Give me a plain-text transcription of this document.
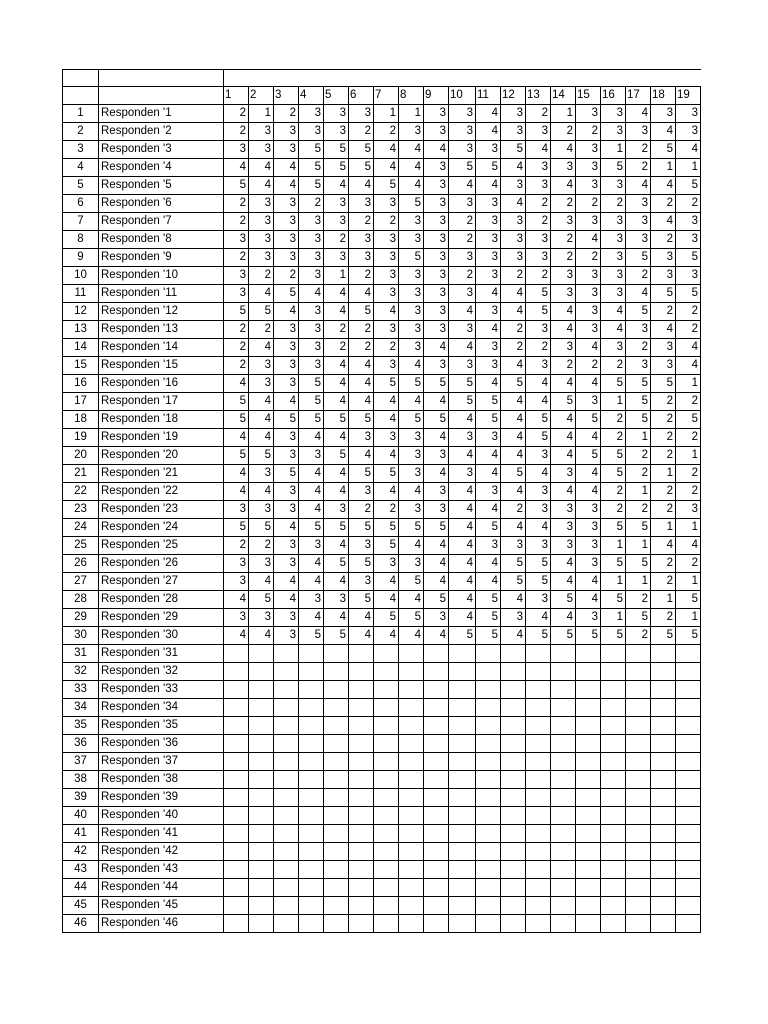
		1	2	3	4	5	6	7	8	9	10	11	12	13	14	15	16	17	18	19
1	Responden '1	2	1	2	3	3	3	1	1	3	3	4	3	2	1	3	3	4	3	3
2	Responden '2	2	3	3	3	3	2	2	3	3	3	4	3	3	2	2	3	3	4	3
3	Responden '3	3	3	3	5	5	5	4	4	4	3	3	5	4	4	3	1	2	5	4
4	Responden '4	4	4	4	5	5	5	4	4	3	5	5	4	3	3	3	5	2	1	1
5	Responden '5	5	4	4	5	4	4	5	4	3	4	4	3	3	4	3	3	4	4	5
6	Responden '6	2	3	3	2	3	3	3	5	3	3	3	4	2	2	2	2	3	2	2
7	Responden '7	2	3	3	3	3	2	2	3	3	2	3	3	2	3	3	3	3	4	3
8	Responden '8	3	3	3	3	2	3	3	3	3	2	3	3	3	2	4	3	3	2	3
9	Responden '9	2	3	3	3	3	3	3	5	3	3	3	3	3	2	2	3	5	3	5
10	Responden '10	3	2	2	3	1	2	3	3	3	2	3	2	2	3	3	3	2	3	3
11	Responden '11	3	4	5	4	4	4	3	3	3	3	4	4	5	3	3	3	4	5	5
12	Responden '12	5	5	4	3	4	5	4	3	3	4	3	4	5	4	3	4	5	2	2
13	Responden '13	2	2	3	3	2	2	3	3	3	3	4	2	3	4	3	4	3	4	2
14	Responden '14	2	4	3	3	2	2	2	3	4	4	3	2	2	3	4	3	2	3	4
15	Responden '15	2	3	3	3	4	4	3	4	3	3	3	4	3	2	2	2	3	3	4
16	Responden '16	4	3	3	5	4	4	5	5	5	5	4	5	4	4	4	5	5	5	1
17	Responden '17	5	4	4	5	4	4	4	4	4	5	5	4	4	5	3	1	5	2	2
18	Responden '18	5	4	5	5	5	5	4	5	5	4	5	4	5	4	5	2	5	2	5
19	Responden '19	4	4	3	4	4	3	3	3	4	3	3	4	5	4	4	2	1	2	2
20	Responden '20	5	5	3	3	5	4	4	3	3	4	4	4	3	4	5	5	2	2	1
21	Responden '21	4	3	5	4	4	5	5	3	4	3	4	5	4	3	4	5	2	1	2
22	Responden '22	4	4	3	4	4	3	4	4	3	4	3	4	3	4	4	2	1	2	2
23	Responden '23	3	3	3	4	3	2	2	3	3	4	4	2	3	3	3	2	2	2	3
24	Responden '24	5	5	4	5	5	5	5	5	5	4	5	4	4	3	3	5	5	1	1
25	Responden '25	2	2	3	3	4	3	5	4	4	4	3	3	3	3	3	1	1	4	4
26	Responden '26	3	3	3	4	5	5	3	3	4	4	4	5	5	4	3	5	5	2	2
27	Responden '27	3	4	4	4	4	3	4	5	4	4	4	5	5	4	4	1	1	2	1
28	Responden '28	4	5	4	3	3	5	4	4	5	4	5	4	3	5	4	5	2	1	5
29	Responden '29	3	3	3	4	4	4	5	5	3	4	5	3	4	4	3	1	5	2	1
30	Responden '30	4	4	3	5	5	4	4	4	4	5	5	4	5	5	5	5	2	5	5
31	Responden '31																			
32	Responden '32																			
33	Responden '33																			
34	Responden '34																			
35	Responden '35																			
36	Responden '36																			
37	Responden '37																			
38	Responden '38																			
39	Responden '39																			
40	Responden '40																			
41	Responden '41																			
42	Responden '42																			
43	Responden '43																			
44	Responden '44																			
45	Responden '45																			
46	Responden '46																			
